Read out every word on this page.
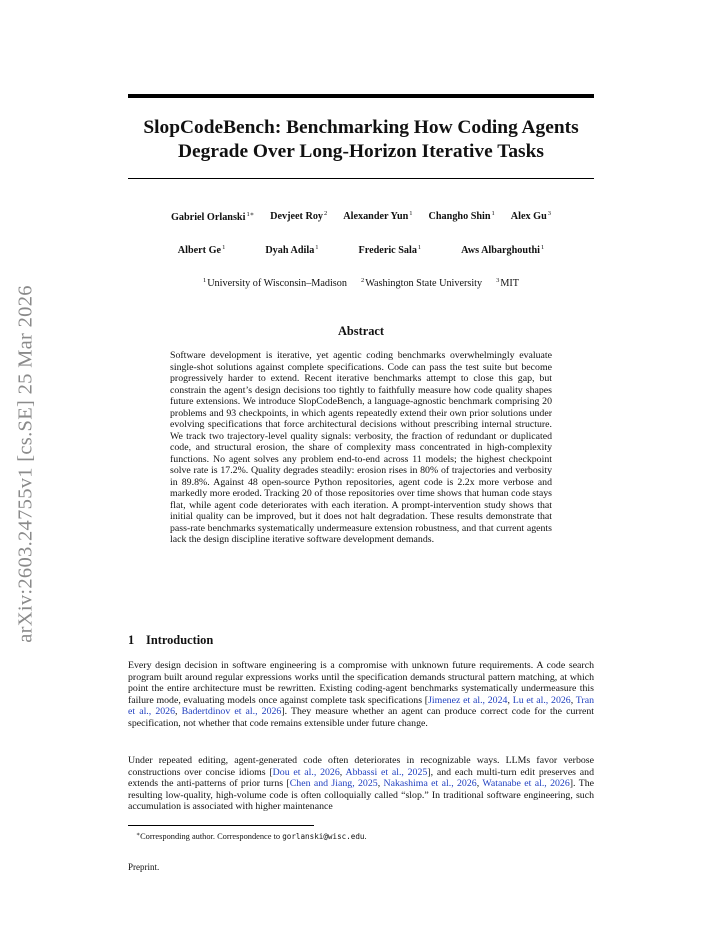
arXiv:2603.24755v1 [cs.SE] 25 Mar 2026
SlopCodeBench: Benchmarking How Coding Agents
Degrade Over Long-Horizon Iterative Tasks
Gabriel Orlanski$^{1∗}$ Devjeet Roy$^2$ Alexander Yun$^1$ Changho Shin$^1$ Alex Gu$^3$
Albert Ge$^1$	Dyah Adila$^1$	Frederic Sala$^1$	Aws Albarghouthi$^1$
$^1$University of Wisconsin–Madison $^2$Washington State University $^3$MIT
Abstract
Software development is iterative, yet agentic coding benchmarks overwhelmingly evaluate single-shot solutions against complete specifications. Code can pass the test suite but become progressively harder to extend. Recent iterative benchmarks attempt to close this gap, but constrain the agent’s design decisions too tightly to faithfully measure how code quality shapes future extensions. We introduce SlopCodeBench, a language-agnostic benchmark comprising 20 problems and 93 checkpoints, in which agents repeatedly extend their own prior solutions under evolving specifications that force architectural decisions without prescribing internal structure. We track two trajectory-level quality signals: verbosity, the fraction of redundant or duplicated code, and structural erosion, the share of complexity mass concentrated in high-complexity functions. No agent solves any problem end-to-end across 11 models; the highest checkpoint solve rate is 17.2%. Quality degrades steadily: erosion rises in 80% of trajectories and verbosity in 89.8%. Against 48 open-source Python repositories, agent code is 2.2x more verbose and markedly more eroded. Tracking 20 of those repositories over time shows that human code stays flat, while agent code deteriorates with each iteration. A prompt-intervention study shows that initial quality can be improved, but it does not halt degradation. These results demonstrate that pass-rate benchmarks systematically undermeasure extension robustness, and that current agents lack the design discipline iterative software development demands.
1 Introduction
Every design decision in software engineering is a compromise with unknown future requirements. A code search program built around regular expressions works until the specification demands structural pattern matching, at which point the entire architecture must be rewritten. Existing coding-agent benchmarks systematically undermeasure this failure mode, evaluating models once against complete task specifications [Jimenez et al., 2024, Lu et al., 2026, Tran et al., 2026, Badertdinov et al., 2026]. They measure whether an agent can produce correct code for the current specification, not whether that code remains extensible under future change.
Under repeated editing, agent-generated code often deteriorates in recognizable ways. LLMs favor verbose constructions over concise idioms [Dou et al., 2026, Abbassi et al., 2025], and each multi-turn edit preserves and extends the anti-patterns of prior turns [Chen and Jiang, 2025, Nakashima et al., 2026, Watanabe et al., 2026]. The resulting low-quality, high-volume code is often colloquially called “slop.” In traditional software engineering, such accumulation is associated with higher maintenance
∗Corresponding author. Correspondence to gorlanski@wisc.edu.
Preprint.
